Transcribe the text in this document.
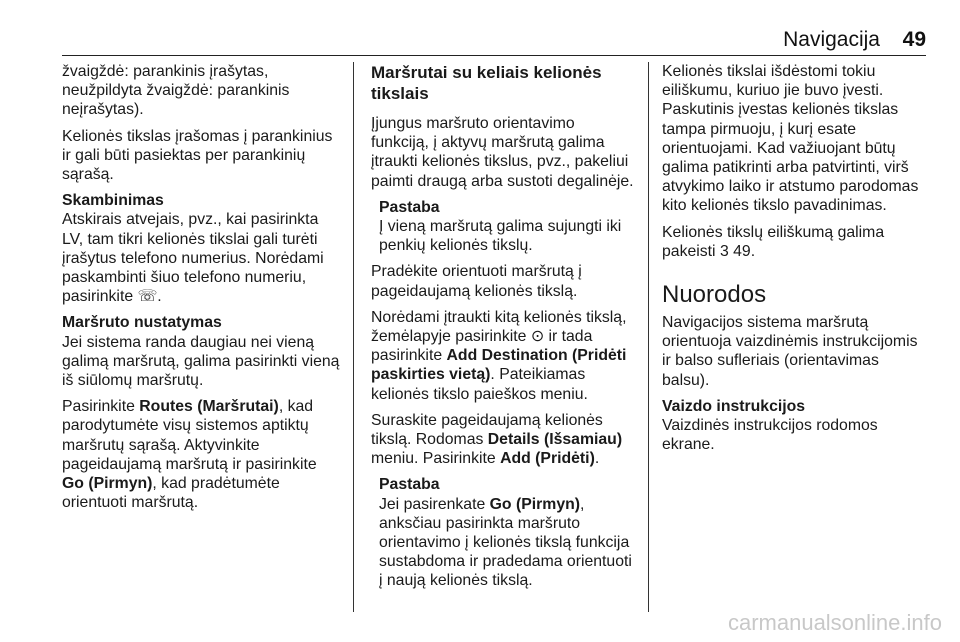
Navigacija 49

žvaigždė: parankinis įrašytas, neužpildyta žvaigždė: parankinis neįrašytas).

Kelionės tikslas įrašomas į parankinius ir gali būti pasiektas per parankinių sąrašą.

Skambinimas

Atskirais atvejais, pvz., kai pasirinkta LV, tam tikri kelionės tikslai gali turėti įrašytus telefono numerius. Norėdami paskambinti šiuo telefono numeriu, pasirinkite ☏.

Maršruto nustatymas

Jei sistema randa daugiau nei vieną galimą maršrutą, galima pasirinkti vieną iš siūlomų maršrutų.

Pasirinkite Routes (Maršrutai), kad parodytumėte visų sistemos aptiktų maršrutų sąrašą. Aktyvinkite pageidaujamą maršrutą ir pasirinkite Go (Pirmyn), kad pradėtumėte orientuoti maršrutą.

Maršrutai su keliais kelionės tikslais

Įjungus maršruto orientavimo funkciją, į aktyvų maršrutą galima įtraukti kelionės tikslus, pvz., pakeliui paimti draugą arba sustoti degalinėje.

Pastaba
Į vieną maršrutą galima sujungti iki penkių kelionės tikslų.

Pradėkite orientuoti maršrutą į pageidaujamą kelionės tikslą.

Norėdami įtraukti kitą kelionės tikslą, žemėlapyje pasirinkite ⊙ ir tada pasirinkite Add Destination (Pridėti paskirties vietą). Pateikiamas kelionės tikslo paieškos meniu.

Suraskite pageidaujamą kelionės tikslą. Rodomas Details (Išsamiau) meniu. Pasirinkite Add (Pridėti).

Pastaba
Jei pasirenkate Go (Pirmyn), anksčiau pasirinkta maršruto orientavimo į kelionės tikslą funkcija sustabdoma ir pradedama orientuoti į naują kelionės tikslą.

Kelionės tikslai išdėstomi tokiu eiliškumu, kuriuo jie buvo įvesti. Paskutinis įvestas kelionės tikslas tampa pirmuoju, į kurį esate orientuojami. Kad važiuojant būtų galima patikrinti arba patvirtinti, virš atvykimo laiko ir atstumo parodomas kito kelionės tikslo pavadinimas.

Kelionės tikslų eiliškumą galima pakeisti 3 49.

Nuorodos

Navigacijos sistema maršrutą orientuoja vaizdinėmis instrukcijomis ir balso sufleriais (orientavimas balsu).

Vaizdo instrukcijos

Vaizdinės instrukcijos rodomos ekrane.

carmanualsonline.info
